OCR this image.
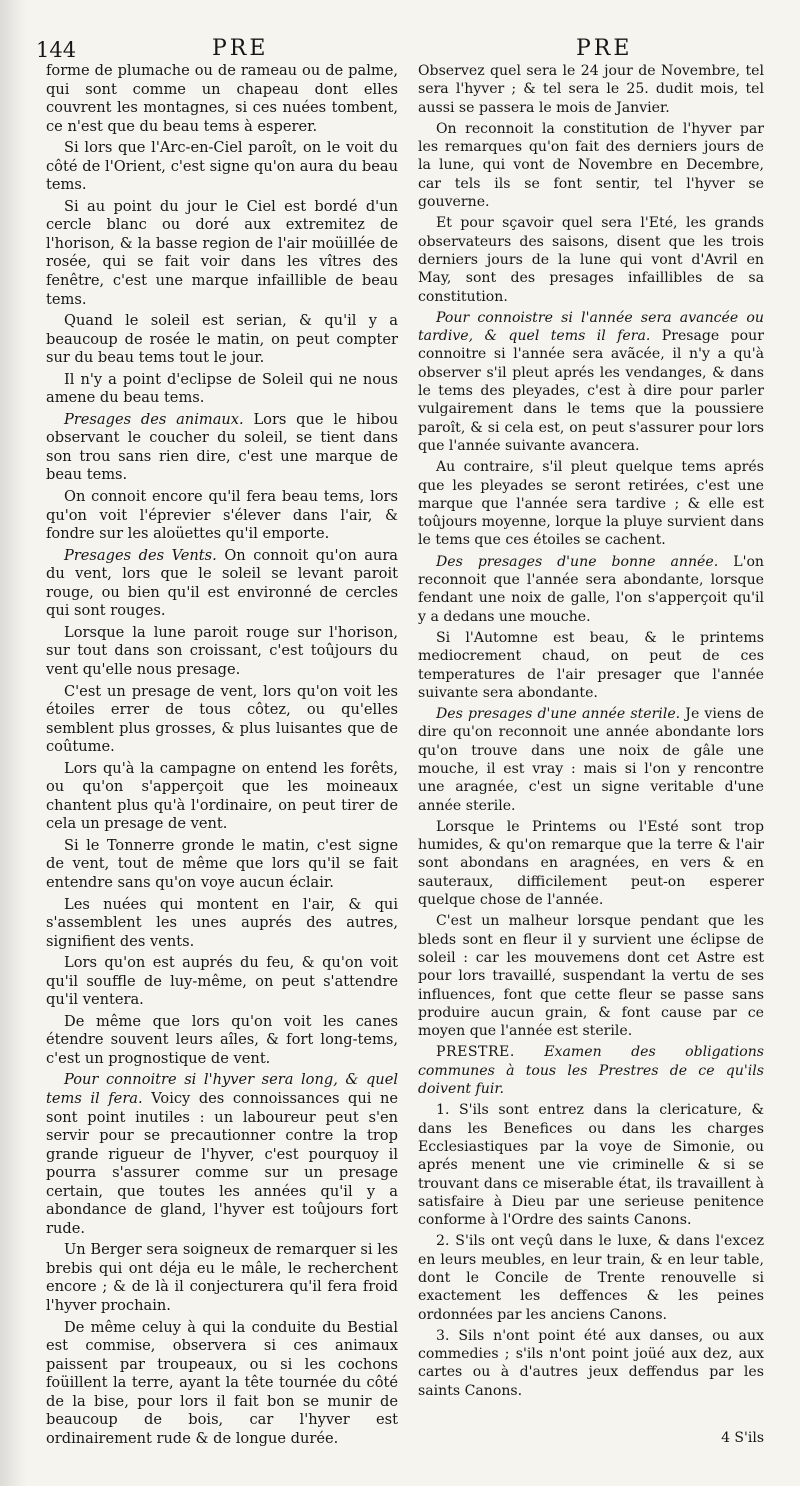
144	PRE	PRE

forme de plumache ou de rameau ou de palme, qui sont comme un chapeau dont elles couvrent les montagnes, si ces nuées tombent, ce n'est que du beau tems à esperer.

Si lors que l'Arc-en-Ciel paroît, on le voit du côté de l'Orient, c'est signe qu'on aura du beau tems.

Si au point du jour le Ciel est bordé d'un cercle blanc ou doré aux extremitez de l'horison, & la basse region de l'air moüillée de rosée, qui se fait voir dans les vîtres des fenêtre, c'est une marque infaillible de beau tems.

Quand le soleil est serian, & qu'il y a beaucoup de rosée le matin, on peut compter sur du beau tems tout le jour.

Il n'y a point d'eclipse de Soleil qui ne nous amene du beau tems.

Presages des animaux. Lors que le hibou observant le coucher du soleil, se tient dans son trou sans rien dire, c'est une marque de beau tems.

On connoit encore qu'il fera beau tems, lors qu'on voit l'éprevier s'élever dans l'air, & fondre sur les aloüettes qu'il emporte.

Presages des Vents. On connoit qu'on aura du vent, lors que le soleil se levant paroit rouge, ou bien qu'il est environné de cercles qui sont rouges.

Lorsque la lune paroit rouge sur l'horison, sur tout dans son croissant, c'est toûjours du vent qu'elle nous presage.

C'est un presage de vent, lors qu'on voit les étoiles errer de tous côtez, ou qu'elles semblent plus grosses, & plus luisantes que de coûtume.

Lors qu'à la campagne on entend les forêts, ou qu'on s'apperçoit que les moineaux chantent plus qu'à l'ordinaire, on peut tirer de cela un presage de vent.

Si le Tonnerre gronde le matin, c'est signe de vent, tout de même que lors qu'il se fait entendre sans qu'on voye aucun éclair.

Les nuées qui montent en l'air, & qui s'assemblent les unes auprés des autres, signifient des vents.

Lors qu'on est auprés du feu, & qu'on voit qu'il souffle de luy-même, on peut s'attendre qu'il ventera.

De même que lors qu'on voit les canes étendre souvent leurs aîles, & fort long-tems, c'est un prognostique de vent.

Pour connoitre si l'hyver sera long, & quel tems il fera. Voicy des connoissances qui ne sont point inutiles : un laboureur peut s'en servir pour se precautionner contre la trop grande rigueur de l'hyver, c'est pourquoy il pourra s'assurer comme sur un presage certain, que toutes les années qu'il y a abondance de gland, l'hyver est toûjours fort rude.

Un Berger sera soigneux de remarquer si les brebis qui ont déja eu le mâle, le recherchent encore ; & de là il conjecturera qu'il fera froid l'hyver prochain.

De même celuy à qui la conduite du Bestial est commise, observera si ces animaux paissent par troupeaux, ou si les cochons foüillent la terre, ayant la tête tournée du côté de la bise, pour lors il fait bon se munir de beaucoup de bois, car l'hyver est ordinairement rude & de longue durée.

Observez quel sera le 24 jour de Novembre, tel sera l'hyver ; & tel sera le 25. dudit mois, tel aussi se passera le mois de Janvier.

On reconnoit la constitution de l'hyver par les remarques qu'on fait des derniers jours de la lune, qui vont de Novembre en Decembre, car tels ils se font sentir, tel l'hyver se gouverne.

Et pour sçavoir quel sera l'Eté, les grands observateurs des saisons, disent que les trois derniers jours de la lune qui vont d'Avril en May, sont des presages infaillibles de sa constitution.

Pour connoistre si l'année sera avancée ou tardive, & quel tems il fera. Presage pour connoitre si l'année sera avãcée, il n'y a qu'à observer s'il pleut aprés les vendanges, & dans le tems des pleyades, c'est à dire pour parler vulgairement dans le tems que la poussiere paroît, & si cela est, on peut s'assurer pour lors que l'année suivante avancera.

Au contraire, s'il pleut quelque tems aprés que les pleyades se seront retirées, c'est une marque que l'année sera tardive ; & elle est toûjours moyenne, lorque la pluye survient dans le tems que ces étoiles se cachent.

Des presages d'une bonne année. L'on reconnoit que l'année sera abondante, lorsque fendant une noix de galle, l'on s'apperçoit qu'il y a dedans une mouche.

Si l'Automne est beau, & le printems mediocrement chaud, on peut de ces temperatures de l'air presager que l'année suivante sera abondante.

Des presages d'une année sterile. Je viens de dire qu'on reconnoit une année abondante lors qu'on trouve dans une noix de gâle une mouche, il est vray : mais si l'on y rencontre une aragnée, c'est un signe veritable d'une année sterile.

Lorsque le Printems ou l'Esté sont trop humides, & qu'on remarque que la terre & l'air sont abondans en aragnées, en vers & en sauteraux, difficilement peut-on esperer quelque chose de l'année.

C'est un malheur lorsque pendant que les bleds sont en fleur il y survient une éclipse de soleil : car les mouvemens dont cet Astre est pour lors travaillé, suspendant la vertu de ses influences, font que cette fleur se passe sans produire aucun grain, & font cause par ce moyen que l'année est sterile.

PRESTRE. Examen des obligations communes à tous les Prestres de ce qu'ils doivent fuir.

1. S'ils sont entrez dans la clericature, & dans les Benefices ou dans les charges Ecclesiastiques par la voye de Simonie, ou aprés menent une vie criminelle & si se trouvant dans ce miserable état, ils travaillent à satisfaire à Dieu par une serieuse penitence conforme à l'Ordre des saints Canons.

2. S'ils ont veçû dans le luxe, & dans l'excez en leurs meubles, en leur train, & en leur table, dont le Concile de Trente renouvelle si exactement les deffences & les peines ordonnées par les anciens Canons.

3. Sils n'ont point été aux danses, ou aux commedies ; s'ils n'ont point joüé aux dez, aux cartes ou à d'autres jeux deffendus par les saints Canons.

4 S'ils
